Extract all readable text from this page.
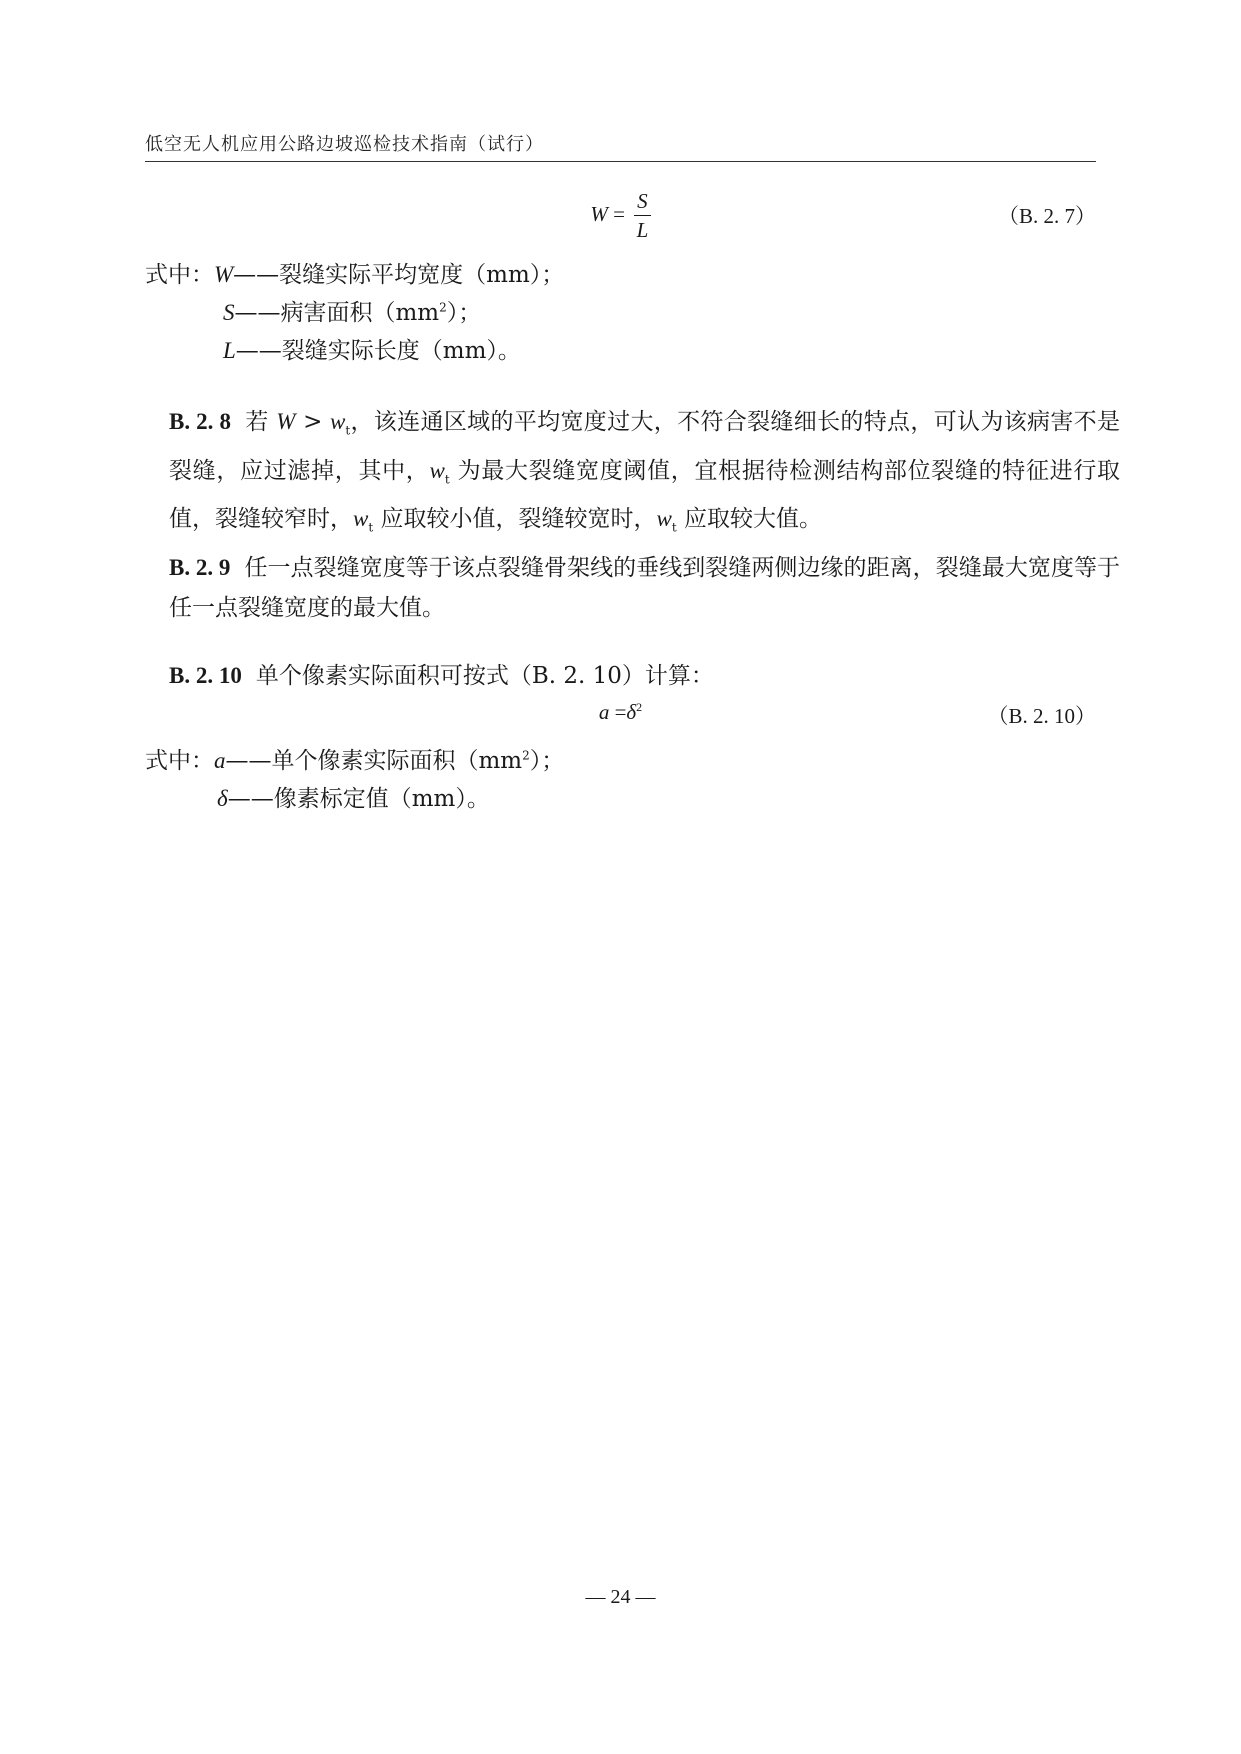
低空无人机应用公路边坡巡检技术指南（试行）
$W = \frac{S}{L}$	（B. 2. 7）
式中：W——裂缝实际平均宽度（mm）；
S——病害面积$(mm^2)$；
L——裂缝实际长度（mm）。
B. 2. 8 若 $W > w_t$，该连通区域的平均宽度过大，不符合裂缝细长的特点，可认为该病害不是裂缝，应过滤掉，其中，$w_t$ 为最大裂缝宽度阈值，宜根据待检测结构部位裂缝的特征进行取值，裂缝较窄时，$w_t$ 应取较小值，裂缝较宽时，$w_t$ 应取较大值。
B. 2. 9 任一点裂缝宽度等于该点裂缝骨架线的垂线到裂缝两侧边缘的距离，裂缝最大宽度等于任一点裂缝宽度的最大值。
B. 2. 10 单个像素实际面积可按式（B. 2. 10）计算：
$a =\delta^2$	（B. 2. 10）
式中：a——单个像素实际面积$(mm^2)$；
δ——像素标定值（mm）。
— 24 —
